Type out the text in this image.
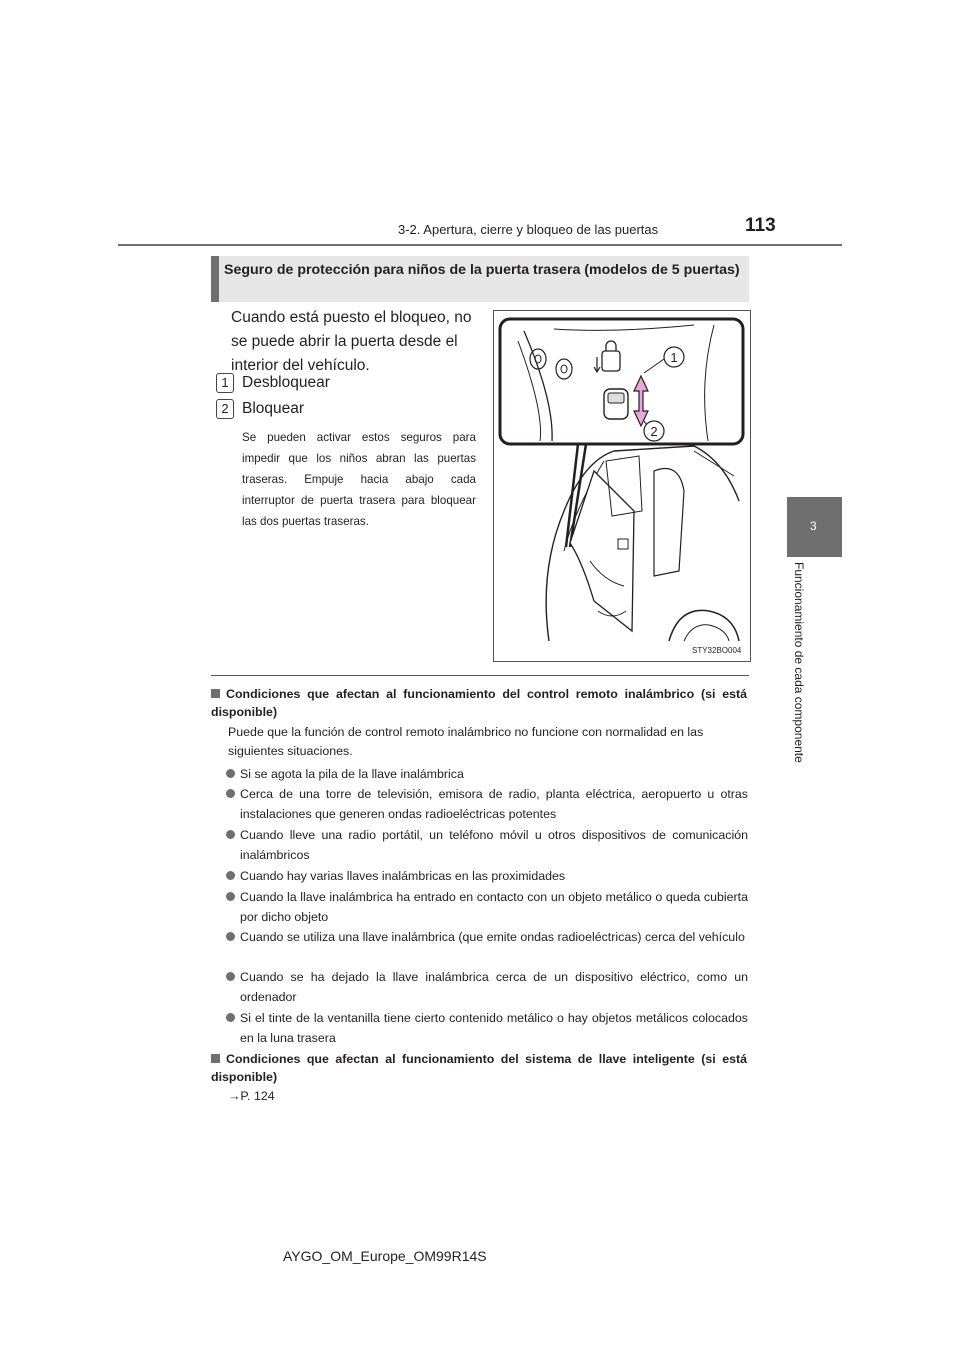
3-2. Apertura, cierre y bloqueo de las puertas	113
3
Funcionamiento de cada componente
Seguro de protección para niños de la puerta trasera (modelos de 5 puertas)
Cuando está puesto el bloqueo, no se puede abrir la puerta desde el interior del vehículo.
1 Desbloquear
2 Bloquear
Se pueden activar estos seguros para impedir que los niños abran las puertas traseras. Empuje hacia abajo cada interruptor de puerta trasera para bloquear las dos puertas traseras.
1
2
STY32BO004
Condiciones que afectan al funcionamiento del control remoto inalámbrico (si está disponible)
Puede que la función de control remoto inalámbrico no funcione con normalidad en las siguientes situaciones.
Si se agota la pila de la llave inalámbrica
Cerca de una torre de televisión, emisora de radio, planta eléctrica, aeropuerto u otras instalaciones que generen ondas radioeléctricas potentes
Cuando lleve una radio portátil, un teléfono móvil u otros dispositivos de comunicación inalámbricos
Cuando hay varias llaves inalámbricas en las proximidades
Cuando la llave inalámbrica ha entrado en contacto con un objeto metálico o queda cubierta por dicho objeto
Cuando se utiliza una llave inalámbrica (que emite ondas radioeléctricas) cerca del vehículo
Cuando se ha dejado la llave inalámbrica cerca de un dispositivo eléctrico, como un ordenador
Si el tinte de la ventanilla tiene cierto contenido metálico o hay objetos metálicos colocados en la luna trasera
Condiciones que afectan al funcionamiento del sistema de llave inteligente (si está disponible)
→P. 124
AYGO_OM_Europe_OM99R14S
